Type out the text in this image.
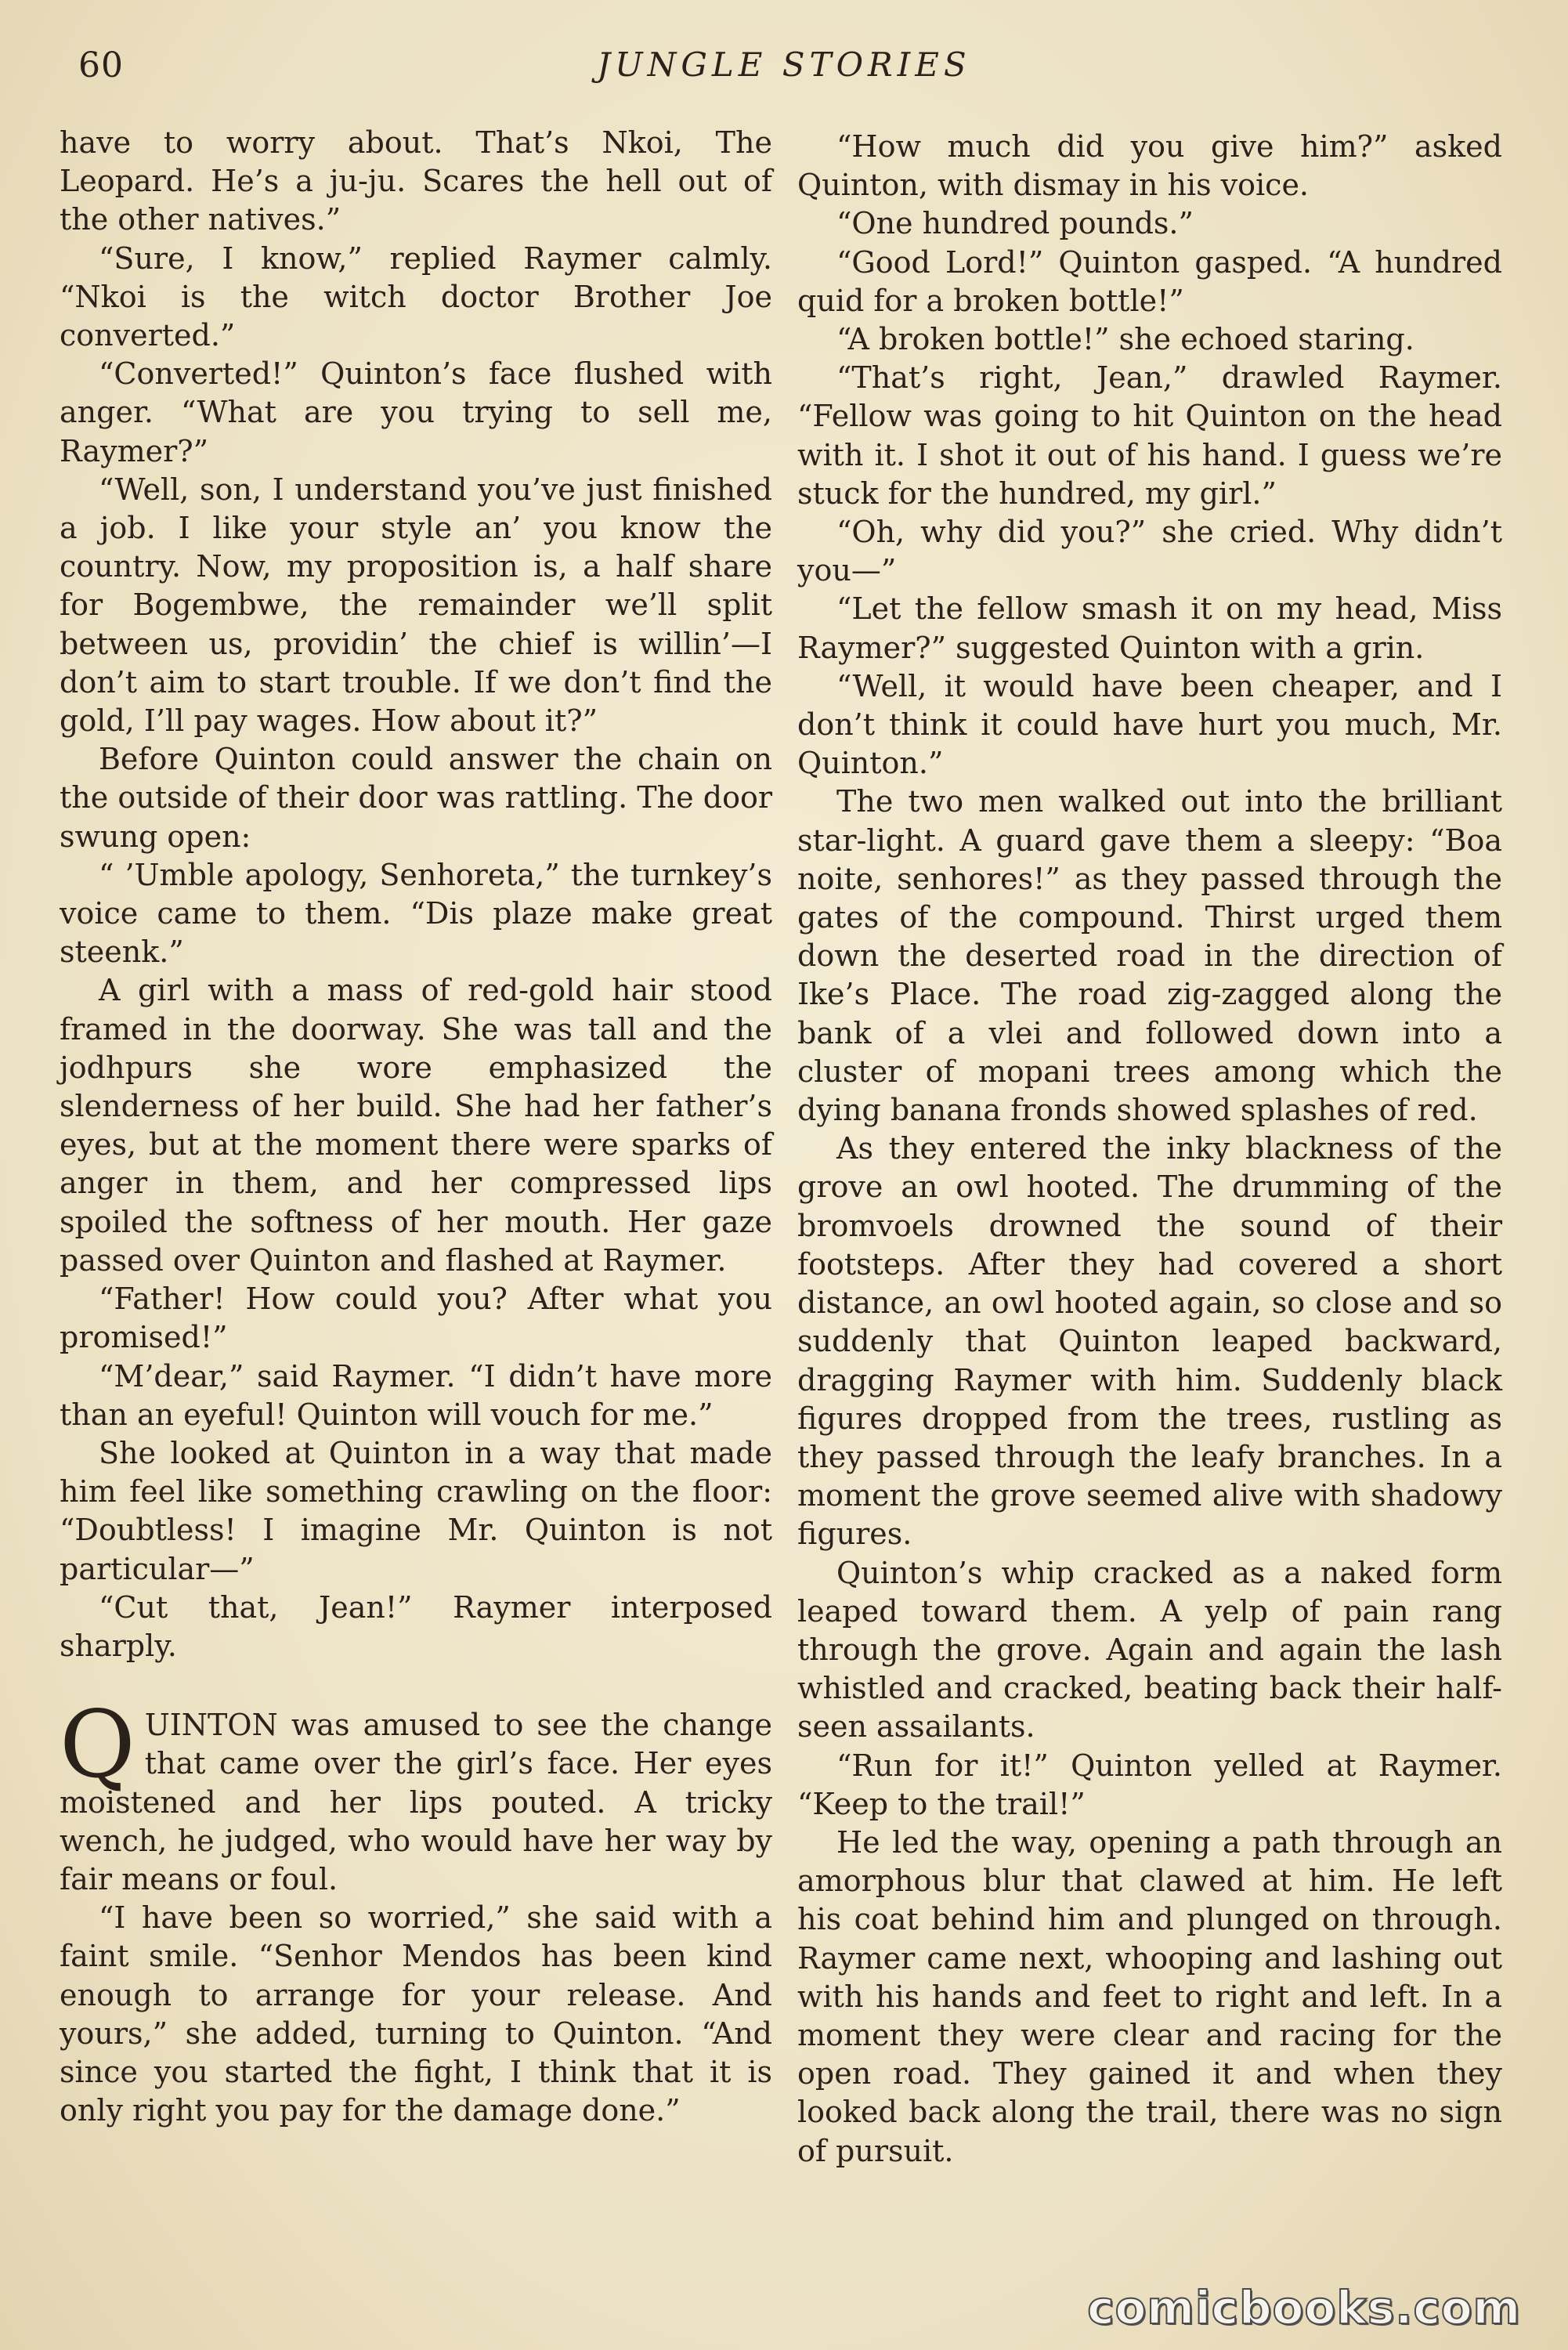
60	JUNGLE STORIES

have to worry about. That’s Nkoi, The Leopard. He’s a ju-ju. Scares the hell out of the other natives.”

“Sure, I know,” replied Raymer calmly. “Nkoi is the witch doctor Brother Joe converted.”

“Converted!” Quinton’s face flushed with anger. “What are you trying to sell me, Raymer?”

“Well, son, I understand you’ve just finished a job. I like your style an’ you know the country. Now, my proposition is, a half share for Bogembwe, the remainder we’ll split between us, providin’ the chief is willin’—I don’t aim to start trouble. If we don’t find the gold, I’ll pay wages. How about it?”

Before Quinton could answer the chain on the outside of their door was rattling. The door swung open:

“ ’Umble apology, Senhoreta,” the turnkey’s voice came to them. “Dis plaze make great steenk.”

A girl with a mass of red-gold hair stood framed in the doorway. She was tall and the jodhpurs she wore emphasized the slenderness of her build. She had her father’s eyes, but at the moment there were sparks of anger in them, and her compressed lips spoiled the softness of her mouth. Her gaze passed over Quinton and flashed at Raymer.

“Father! How could you? After what you promised!”

“M’dear,” said Raymer. “I didn’t have more than an eyeful! Quinton will vouch for me.”

She looked at Quinton in a way that made him feel like something crawling on the floor: “Doubtless! I imagine Mr. Quinton is not particular—”

“Cut that, Jean!” Raymer interposed sharply.

QUINTON was amused to see the change that came over the girl’s face. Her eyes moistened and her lips pouted. A tricky wench, he judged, who would have her way by fair means or foul.

“I have been so worried,” she said with a faint smile. “Senhor Mendos has been kind enough to arrange for your release. And yours,” she added, turning to Quinton. “And since you started the fight, I think that it is only right you pay for the damage done.”

“How much did you give him?” asked Quinton, with dismay in his voice.

“One hundred pounds.”

“Good Lord!” Quinton gasped. “A hundred quid for a broken bottle!”

“A broken bottle!” she echoed staring.

“That’s right, Jean,” drawled Raymer. “Fellow was going to hit Quinton on the head with it. I shot it out of his hand. I guess we’re stuck for the hundred, my girl.”

“Oh, why did you?” she cried. Why didn’t you—”

“Let the fellow smash it on my head, Miss Raymer?” suggested Quinton with a grin.

“Well, it would have been cheaper, and I don’t think it could have hurt you much, Mr. Quinton.”

The two men walked out into the brilliant star-light. A guard gave them a sleepy: “Boa noite, senhores!” as they passed through the gates of the compound. Thirst urged them down the deserted road in the direction of Ike’s Place. The road zig-zagged along the bank of a vlei and followed down into a cluster of mopani trees among which the dying banana fronds showed splashes of red.

As they entered the inky blackness of the grove an owl hooted. The drumming of the bromvoels drowned the sound of their footsteps. After they had covered a short distance, an owl hooted again, so close and so suddenly that Quinton leaped backward, dragging Raymer with him. Suddenly black figures dropped from the trees, rustling as they passed through the leafy branches. In a moment the grove seemed alive with shadowy figures.

Quinton’s whip cracked as a naked form leaped toward them. A yelp of pain rang through the grove. Again and again the lash whistled and cracked, beating back their half-seen assailants.

“Run for it!” Quinton yelled at Raymer. “Keep to the trail!”

He led the way, opening a path through an amorphous blur that clawed at him. He left his coat behind him and plunged on through. Raymer came next, whooping and lashing out with his hands and feet to right and left. In a moment they were clear and racing for the open road. They gained it and when they looked back along the trail, there was no sign of pursuit.

comicbooks.com
